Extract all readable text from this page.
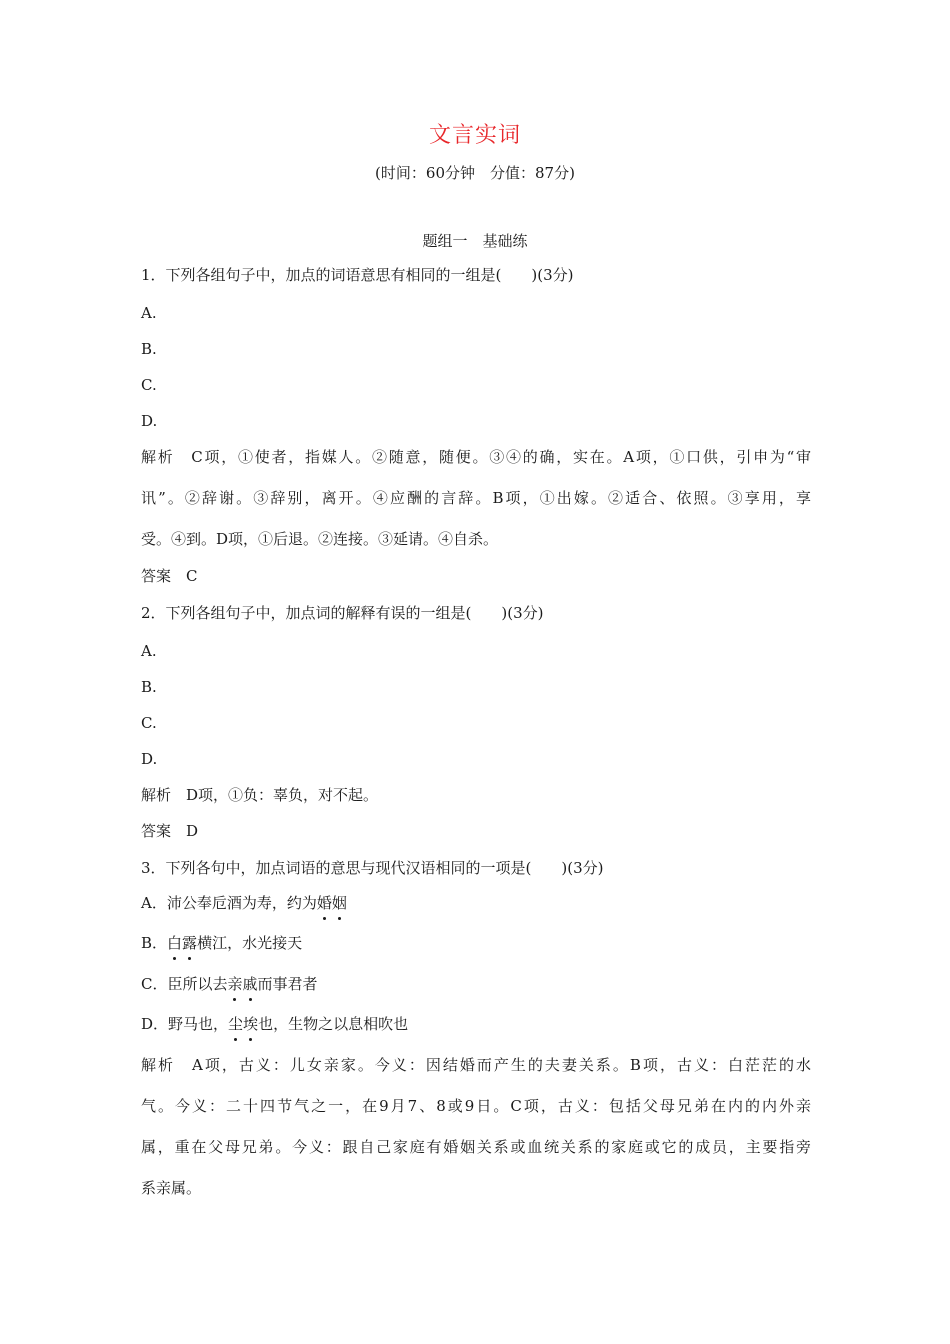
文言实词
(时间：60分钟　分值：87分)
题组一　基础练
1．下列各组句子中，加点的词语意思有相同的一组是(　　)(3分)
A.
B.
C.
D.
解析　C项，①使者，指媒人。②随意，随便。③④的确，实在。A项，①口供，引申为“审
讯”。②辞谢。③辞别，离开。④应酬的言辞。B项，①出嫁。②适合、依照。③享用，享
受。④到。D项，①后退。②连接。③延请。④自杀。
答案　C
2．下列各组句子中，加点词的解释有误的一组是(　　)(3分)
A.
B.
C.
D.
解析　D项，①负：辜负，对不起。
答案　D
3．下列各句中，加点词语的意思与现代汉语相同的一项是(　　)(3分)
A．沛公奉卮酒为寿，约为婚姻
B．白露横江，水光接天
C．臣所以去亲戚而事君者
D．野马也，尘埃也，生物之以息相吹也
解析　A项，古义：儿女亲家。今义：因结婚而产生的夫妻关系。B项，古义：白茫茫的水
气。今义：二十四节气之一，在9月7、8或9日。C项，古义：包括父母兄弟在内的内外亲
属，重在父母兄弟。今义：跟自己家庭有婚姻关系或血统关系的家庭或它的成员，主要指旁
系亲属。
